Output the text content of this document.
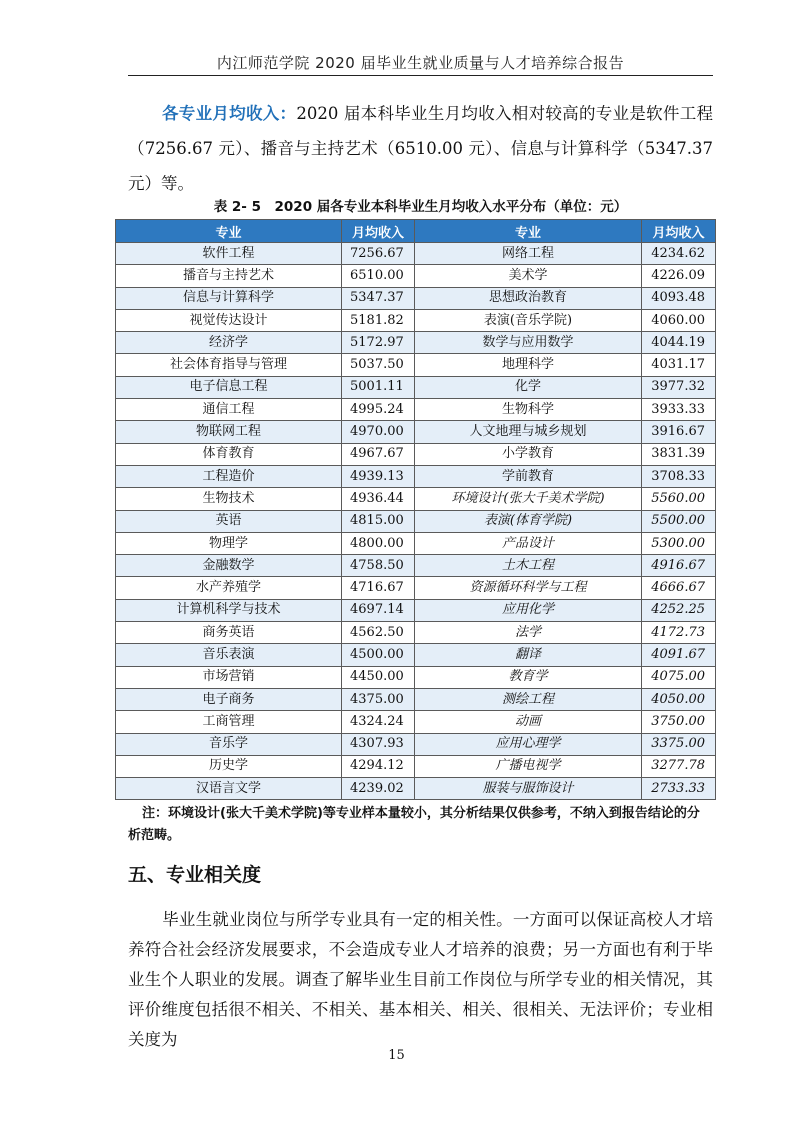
内江师范学院 2020 届毕业生就业质量与人才培养综合报告
各专业月均收入：2020 届本科毕业生月均收入相对较高的专业是软件工程（7256.67 元）、播音与主持艺术（6510.00 元）、信息与计算科学（5347.37 元）等。
表 2- 5　2020 届各专业本科毕业生月均收入水平分布（单位：元）
专业	月均收入	专业	月均收入
软件工程	7256.67	网络工程	4234.62
播音与主持艺术	6510.00	美术学	4226.09
信息与计算科学	5347.37	思想政治教育	4093.48
视觉传达设计	5181.82	表演(音乐学院)	4060.00
经济学	5172.97	数学与应用数学	4044.19
社会体育指导与管理	5037.50	地理科学	4031.17
电子信息工程	5001.11	化学	3977.32
通信工程	4995.24	生物科学	3933.33
物联网工程	4970.00	人文地理与城乡规划	3916.67
体育教育	4967.67	小学教育	3831.39
工程造价	4939.13	学前教育	3708.33
生物技术	4936.44	环境设计(张大千美术学院)	5560.00
英语	4815.00	表演(体育学院)	5500.00
物理学	4800.00	产品设计	5300.00
金融数学	4758.50	土木工程	4916.67
水产养殖学	4716.67	资源循环科学与工程	4666.67
计算机科学与技术	4697.14	应用化学	4252.25
商务英语	4562.50	法学	4172.73
音乐表演	4500.00	翻译	4091.67
市场营销	4450.00	教育学	4075.00
电子商务	4375.00	测绘工程	4050.00
工商管理	4324.24	动画	3750.00
音乐学	4307.93	应用心理学	3375.00
历史学	4294.12	广播电视学	3277.78
汉语言文学	4239.02	服装与服饰设计	2733.33
注：环境设计(张大千美术学院)等专业样本量较小，其分析结果仅供参考，不纳入到报告结论的分析范畴。
五、专业相关度
毕业生就业岗位与所学专业具有一定的相关性。一方面可以保证高校人才培养符合社会经济发展要求，不会造成专业人才培养的浪费；另一方面也有利于毕业生个人职业的发展。调查了解毕业生目前工作岗位与所学专业的相关情况，其评价维度包括很不相关、不相关、基本相关、相关、很相关、无法评价；专业相关度为
15
